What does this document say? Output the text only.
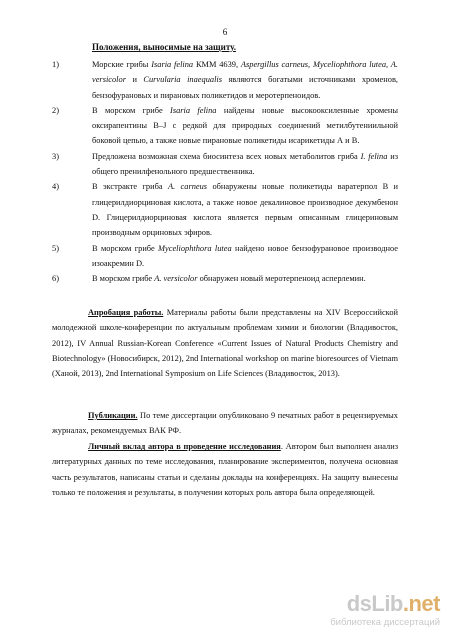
6
Положения, выносимые на защиту.
1)	Морские грибы Isaria felina КММ 4639, Aspergillus carneus, Myceliophthora lutea, A. versicolor и Curvularia inaequalis являются богатыми источниками хроменов, бензофурановых и пирановых поликетидов и меротерпеноидов.
2)	В морском грибе Isaria felina найдены новые высокооксиленные хромены оксирапентины B–J с редкой для природных соединений метилбутениильной боковой цепью, а также новые пирановые поликетиды исарикетиды А и В.
3)	Предложена возможная схема биосинтеза всех новых метаболитов гриба I. felina из общего пренилфенольного предшественника.
4)	В экстракте гриба A. carneus обнаружены новые поликетиды варатерпол B и глицерилдиорциновая кислота, а также новое декалиновое производное декумбенон D. Глицерилдиорциновая кислота является первым описанным глицериновым производным орциновых эфиров.
5)	В морском грибе Myceliophthora lutea найдено новое бензофурановое производное изоакремин D.
6)	В морском грибе A. versicolor обнаружен новый меротерпеноид асперлемин.
Апробация работы. Материалы работы были представлены на XIV Всероссийской молодежной школе-конференции по актуальным проблемам химии и биологии (Владивосток, 2012), IV Annual Russian-Korean Conference «Current Issues of Natural Products Chemistry and Biotechnology» (Новосибирск, 2012), 2nd International workshop on marine bioresources of Vietnam (Ханой, 2013), 2nd International Symposium on Life Sciences (Владивосток, 2013).
Публикации. По теме диссертации опубликовано 9 печатных работ в рецензируемых журналах, рекомендуемых ВАК РФ.
Личный вклад автора в проведение исследования. Автором был выполнен анализ литературных данных по теме исследования, планирование экспериментов, получена основная часть результатов, написаны статьи и сделаны доклады на конференциях. На защиту вынесены только те положения и результаты, в получении которых роль автора была определяющей.
dsLib.net
библиотека диссертаций
